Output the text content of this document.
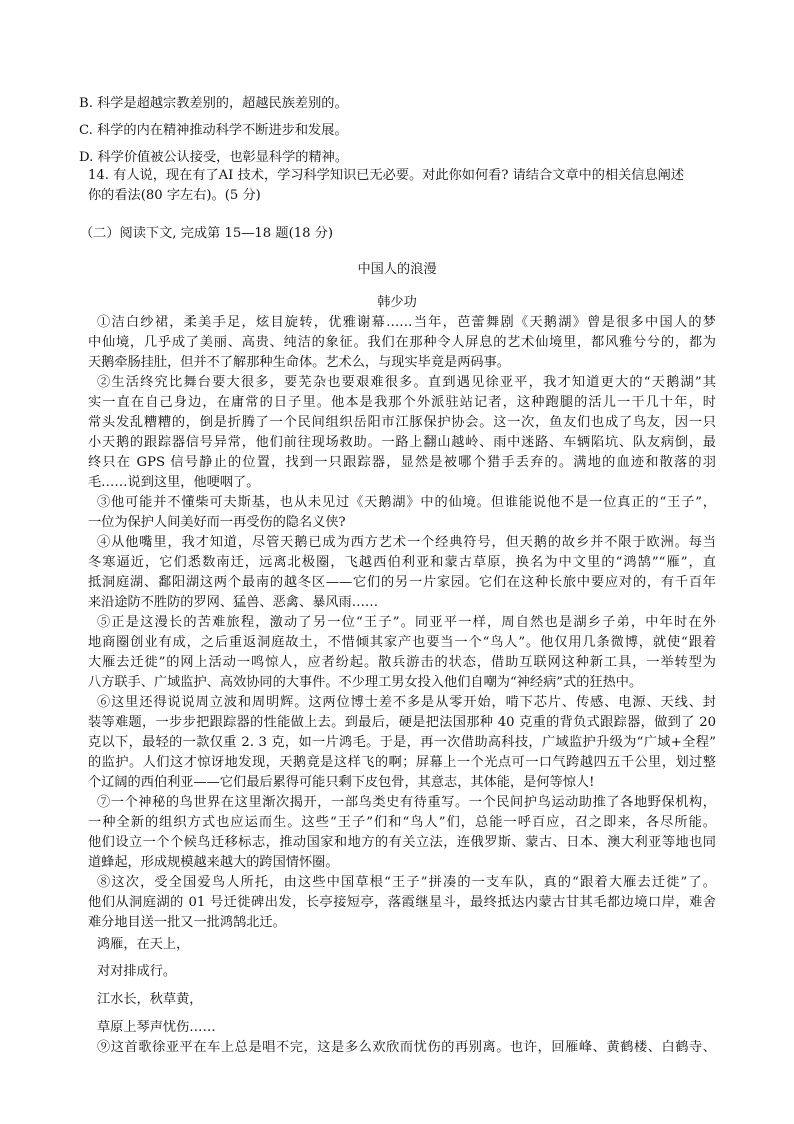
B. 科学是超越宗教差别的，超越民族差别的。
C. 科学的内在精神推动科学不断进步和发展。
D. 科学价值被公认接受，也彰显科学的精神。
14. 有人说，现在有了AI 技术，学习科学知识已无必要。对此你如何看? 请结合文章中的相关信息阐述
你的看法(80 字左右)。(5 分)
（二）阅读下文, 完成第 15—18 题(18 分)
中国人的浪漫
韩少功
①洁白纱裙，柔美手足，炫目旋转，优雅谢幕……当年，芭蕾舞剧《天鹅湖》曾是很多中国人的梦
中仙境，几乎成了美丽、高贵、纯洁的象征。我们在那种令人屏息的艺术仙境里，都风雅兮兮的，都为
天鹅牵肠挂肚，但并不了解那种生命体。艺术么，与现实毕竟是两码事。
②生活终究比舞台要大很多，要芜杂也要艰难很多。直到遇见徐亚平，我才知道更大的“天鹅湖”其
实一直在自己身边，在庸常的日子里。他本是我那个外派驻站记者，这种跑腿的活儿一干几十年，时
常头发乱糟糟的，倒是折腾了一个民间组织岳阳市江豚保护协会。这一次，鱼友们也成了鸟友，因一只
小天鹅的跟踪器信号异常，他们前往现场救助。一路上翻山越岭、雨中迷路、车辆陷坑、队友病倒，最
终只在 GPS 信号静止的位置，找到一只跟踪器，显然是被哪个猎手丢弃的。满地的血迹和散落的羽
毛……说到这里，他哽咽了。
③他可能并不懂柴可夫斯基，也从未见过《天鹅湖》中的仙境。但谁能说他不是一位真正的“王子”，
一位为保护人间美好而一再受伤的隐名义侠?
④从他嘴里，我才知道，尽管天鹅已成为西方艺术一个经典符号，但天鹅的故乡并不限于欧洲。每当
冬寒逼近，它们悉数南迁，远离北极圈，飞越西伯利亚和蒙古草原，换名为中文里的“鸿鹄”“雁”，直
抵洞庭湖、鄱阳湖这两个最南的越冬区——它们的另一片家园。它们在这种长旅中要应对的，有千百年
来沿途防不胜防的罗网、猛兽、恶禽、暴风雨……
⑤正是这漫长的苦难旅程，激动了另一位“王子”。同亚平一样，周自然也是湖乡子弟，中年时在外
地商圈创业有成，之后重返洞庭故土，不惜倾其家产也要当一个“鸟人”。他仅用几条微博，就使“跟着
大雁去迁徙”的网上活动一鸣惊人，应者纷起。散兵游击的状态，借助互联网这种新工具，一举转型为
八方联手、广域监护、高效协同的大事件。不少理工男女投入他们自嘲为“神经病”式的狂热中。
⑥这里还得说说周立波和周明辉。这两位博士差不多是从零开始，啃下芯片、传感、电源、天线、封
装等难题，一步步把跟踪器的性能做上去。到最后，硬是把法国那种 40 克重的背负式跟踪器，做到了 20
克以下，最轻的一款仅重 2. 3 克，如一片鸿毛。于是，再一次借助高科技，广域监护升级为“广域+全程”
的监护。人们这才惊讶地发现，天鹅竟是这样飞的啊；屏幕上一个光点可一口气跨越四五千公里，划过整
个辽阔的西伯利亚——它们最后累得可能只剩下皮包骨，其意志，其体能，是何等惊人!
⑦一个神秘的鸟世界在这里渐次揭开，一部鸟类史有待重写。一个民间护鸟运动助推了各地野保机构，
一种全新的组织方式也应运而生。这些“王子”们和“鸟人”们，总能一呼百应，召之即来，各尽所能。
他们设立一个个候鸟迁移标志，推动国家和地方的有关立法，连俄罗斯、蒙古、日本、澳大利亚等地也同
道蜂起，形成规模越来越大的跨国情怀圈。
⑧这次，受全国爱鸟人所托，由这些中国草根“王子”拼凑的一支车队，真的“跟着大雁去迁徙”了。
他们从洞庭湖的 01 号迁徙碑出发，长亭接短亭，落霞继星斗，最终抵达内蒙古甘其毛都边境口岸，难舍
难分地目送一批又一批鸿鹄北迁。
鸿雁，在天上，
对对排成行。
江水长，秋草黄，
草原上琴声忧伤……
⑨这首歌徐亚平在车上总是唱不完，这是多么欢欣而忧伤的再别离。也许，回雁峰、黄鹤楼、白鹤寺、
